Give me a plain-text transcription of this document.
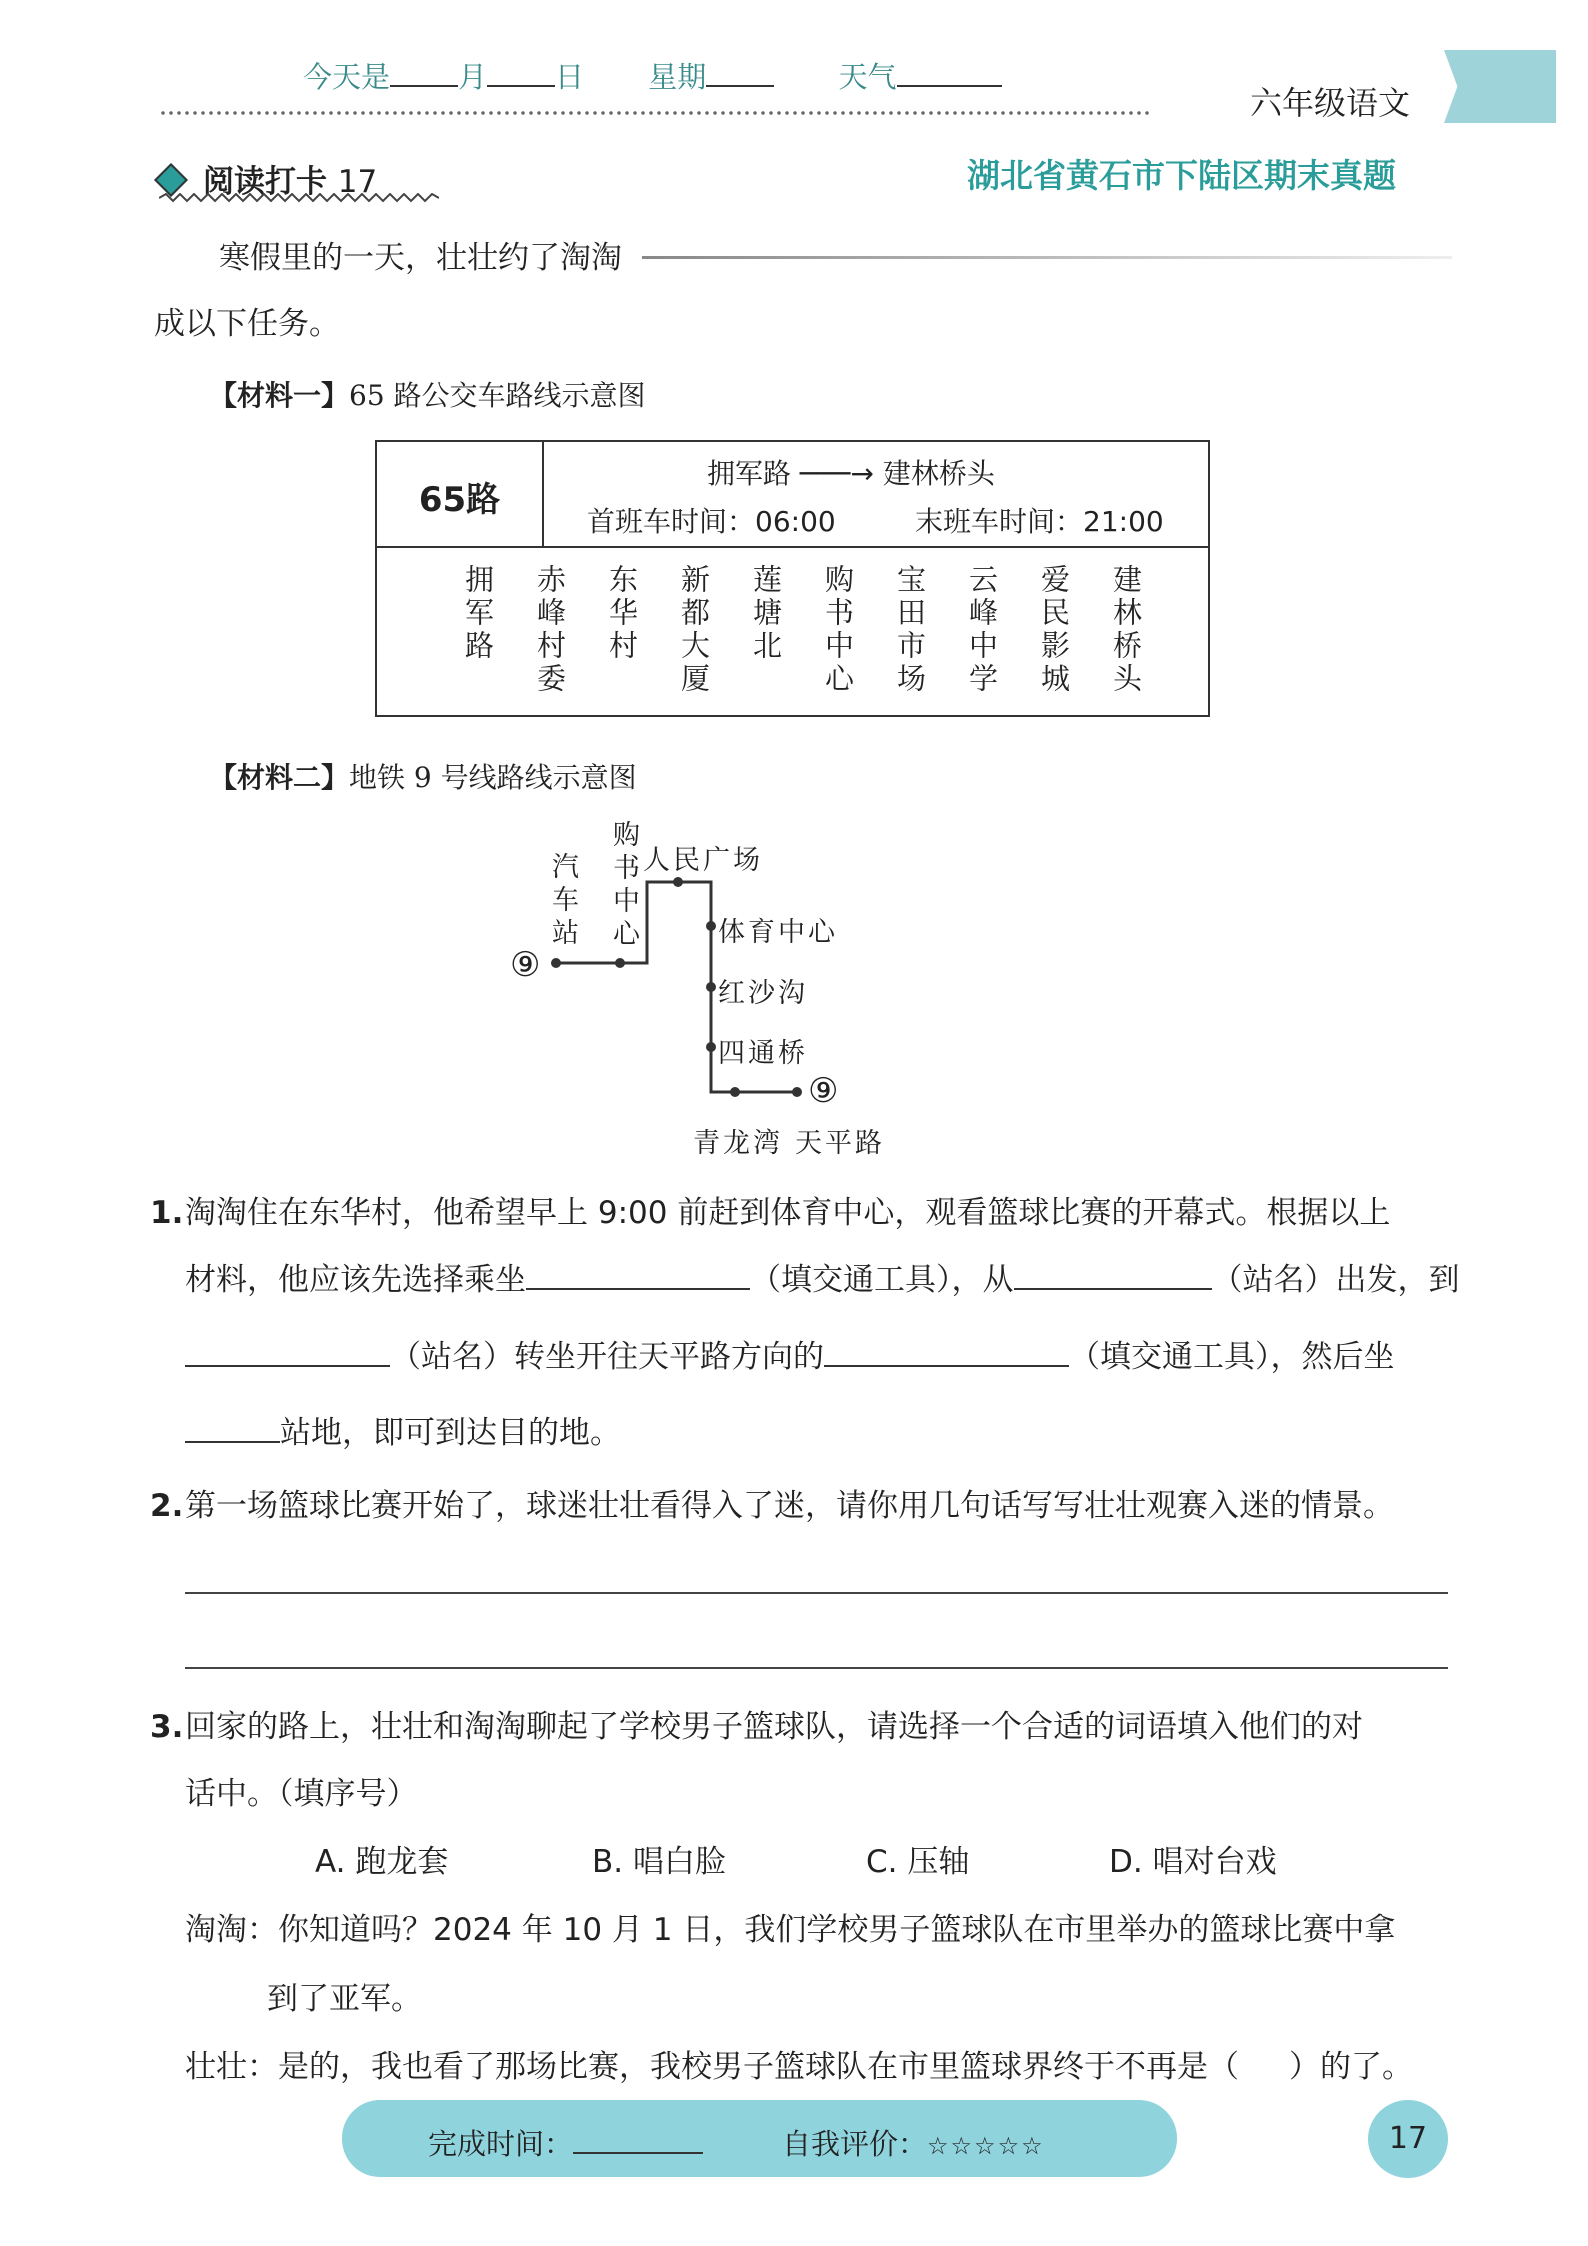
今天是 月 日 星期	天气
六年级语文
阅读打卡 17	湖北省黄石市下陆区期末真题
寒假里的一天，壮壮约了淘淘
成以下任务。
【材料一】65 路公交车路线示意图
65路
拥军路 ───→ 建林桥头
首班车时间：06:00	末班车时间：21:00
拥军路 赤峰村委 东华村 新都大厦 莲塘北 购书中心 宝田市场 云峰中学 爱民影城 建林桥头
【材料二】地铁 9 号线路线示意图
⑨
⑨
汽车站 购书中心 人民广场
体育中心
红沙沟
四通桥
青龙湾 天平路
1. 淘淘住在东华村，他希望早上 9:00 前赶到体育中心，观看篮球比赛的开幕式。根据以上
材料，他应该先选择乘坐	（填交通工具），从	（站名）出发，到
（站名）转坐开往天平路方向的	（填交通工具），然后坐
站地，即可到达目的地。
2. 第一场篮球比赛开始了，球迷壮壮看得入了迷，请你用几句话写写壮壮观赛入迷的情景。
3. 回家的路上，壮壮和淘淘聊起了学校男子篮球队，请选择一个合适的词语填入他们的对
话中。（填序号）
A. 跑龙套	B. 唱白脸	C. 压轴	D. 唱对台戏
淘淘：你知道吗？2024 年 10 月 1 日，我们学校男子篮球队在市里举办的篮球比赛中拿
到了亚军。
壮壮：是的，我也看了那场比赛，我校男子篮球队在市里篮球界终于不再是（ ）的了。
完成时间：	自我评价：☆☆☆☆☆	17
